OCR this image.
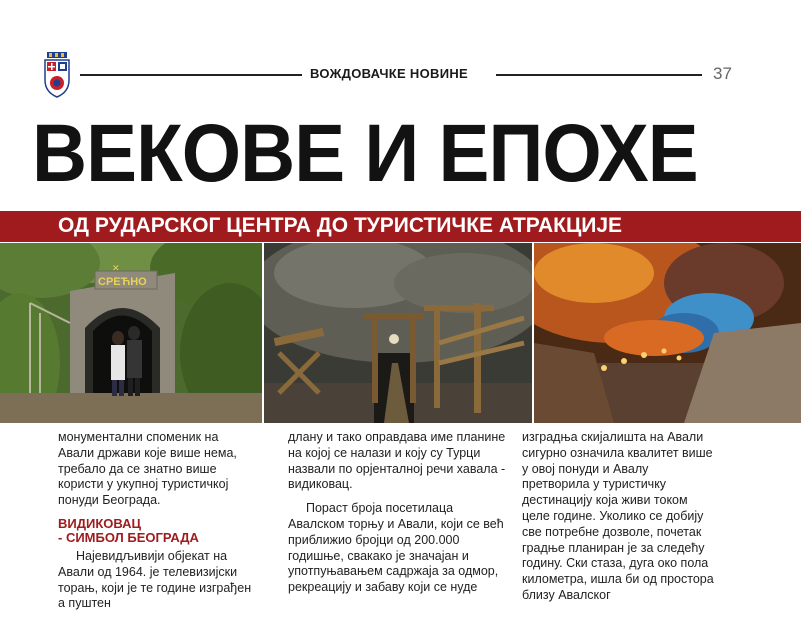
ВОЖДОВАЧКЕ НОВИНЕ	37
ВЕКОВЕ И ЕПОХЕ
ОД РУДАРСКОГ ЦЕНТРА ДО ТУРИСТИЧКЕ АТРАКЦИЈЕ
СРЕЋНО
✕

монументални споменик на Авали држави које више нема, требало да се знатно више користи у укупној туристичкој понуди Београда.

ВИДИКОВАЦ
- СИМБОЛ БЕОГРАДА

Најевидљивији објекат на Авали од 1964. је телевизијски торањ, који је те године изграђен а пуштен

длану и тако оправдава име планине на којој се налази и коју су Турци назвали по орјенталној речи хавала - видиковац.

Пораст броја посетилаца Авалском торњу и Авали, који се већ приближио бројци од 200.000 годишње, свакако је значајан и употпуњавањем садржаја за одмор, рекреацију и забаву који се нуде

изградња скијалишта на Авали сигурно означила квалитет више у овој понуди и Авалу претворила у туристичку дестинацију која живи током целе године. Уколико се добију све потребне дозволе, почетак градње планиран је за следећу годину. Ски стаза, дуга око пола километра, ишла би од простора близу Авалског
